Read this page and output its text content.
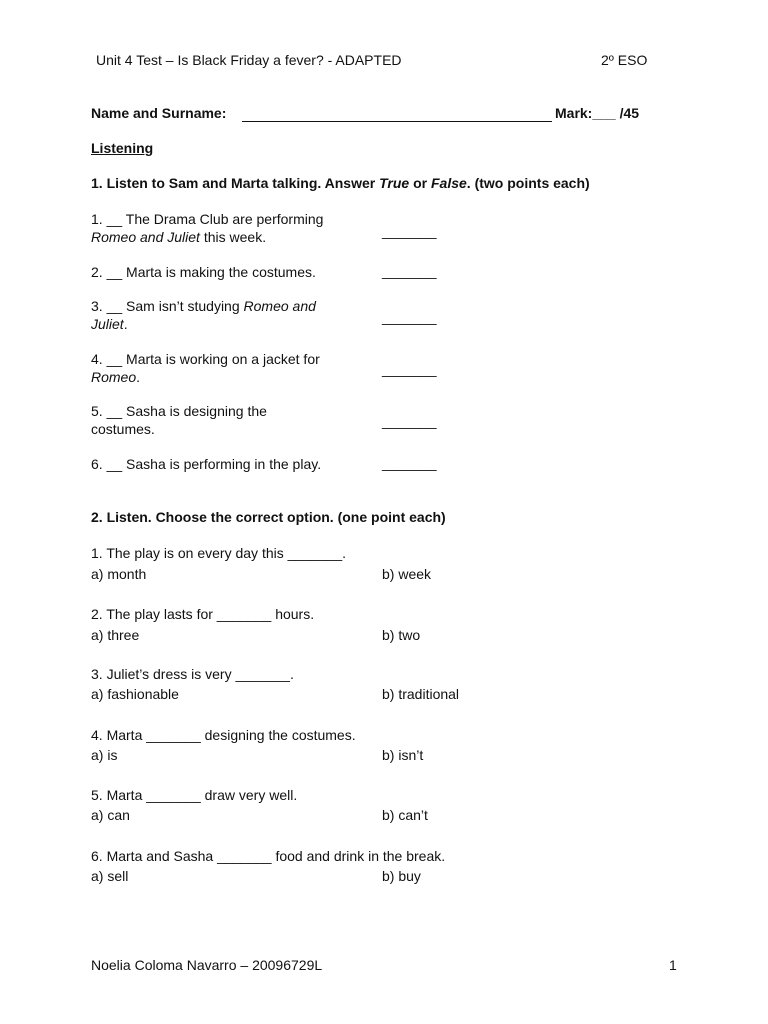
Unit 4 Test – Is Black Friday a fever? - ADAPTED	2º ESO
Name and Surname:	Mark:___ /45
Listening
1. Listen to Sam and Marta talking. Answer True or False. (two points each)
1. __ The Drama Club are performing
Romeo and Juliet this week.	_______
2. __ Marta is making the costumes.	_______
3. __ Sam isn’t studying Romeo and
Juliet.	_______
4. __ Marta is working on a jacket for
Romeo.	_______
5. __ Sasha is designing the
costumes.	_______
6. __ Sasha is performing in the play.	_______
2. Listen. Choose the correct option. (one point each)
1. The play is on every day this _______.
a) month	b) week
2. The play lasts for _______ hours.
a) three	b) two
3. Juliet’s dress is very _______.
a) fashionable	b) traditional
4. Marta _______ designing the costumes.
a) is	b) isn’t
5. Marta _______ draw very well.
a) can	b) can’t
6. Marta and Sasha _______ food and drink in the break.
a) sell	b) buy
Noelia Coloma Navarro – 20096729L	1
